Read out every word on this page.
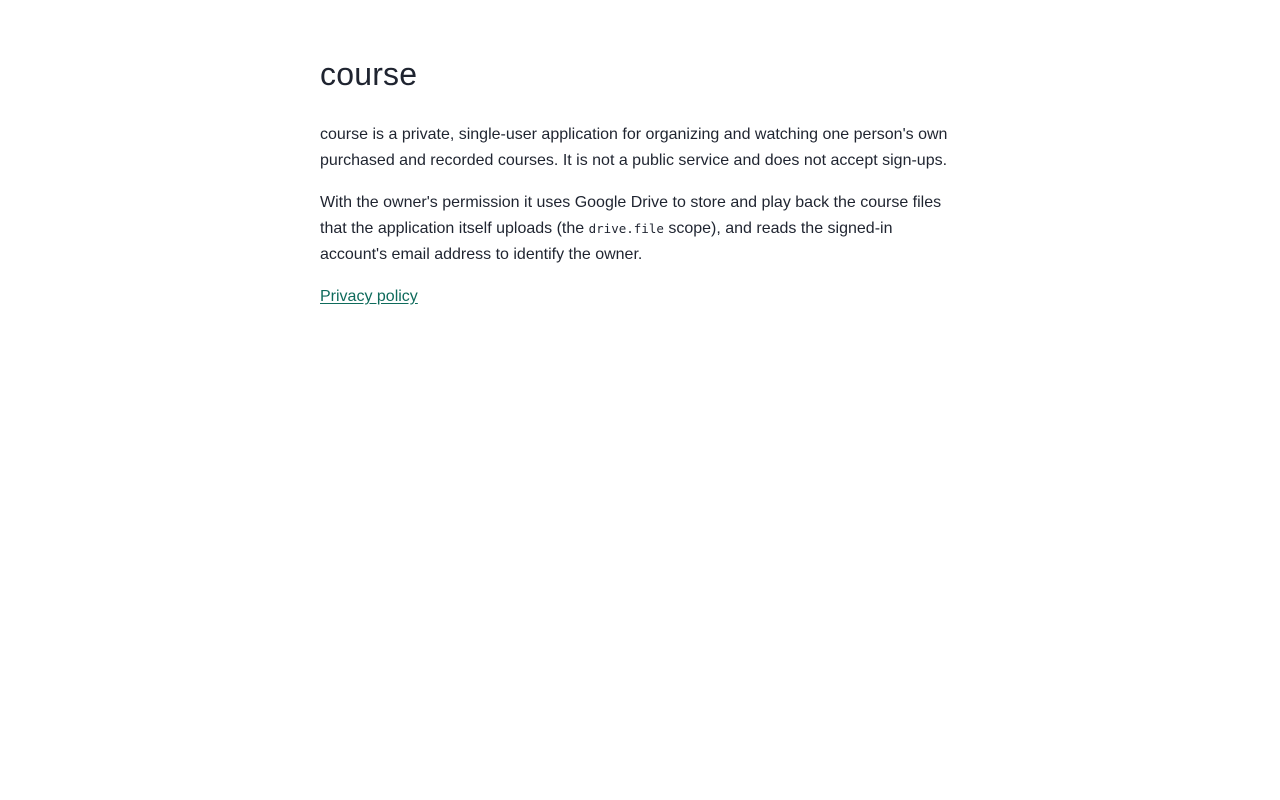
course

course is a private, single-user application for organizing and watching one person's own purchased and recorded courses. It is not a public service and does not accept sign-ups.

With the owner's permission it uses Google Drive to store and play back the course files that the application itself uploads (the drive.file scope), and reads the signed-in account's email address to identify the owner.

Privacy policy
